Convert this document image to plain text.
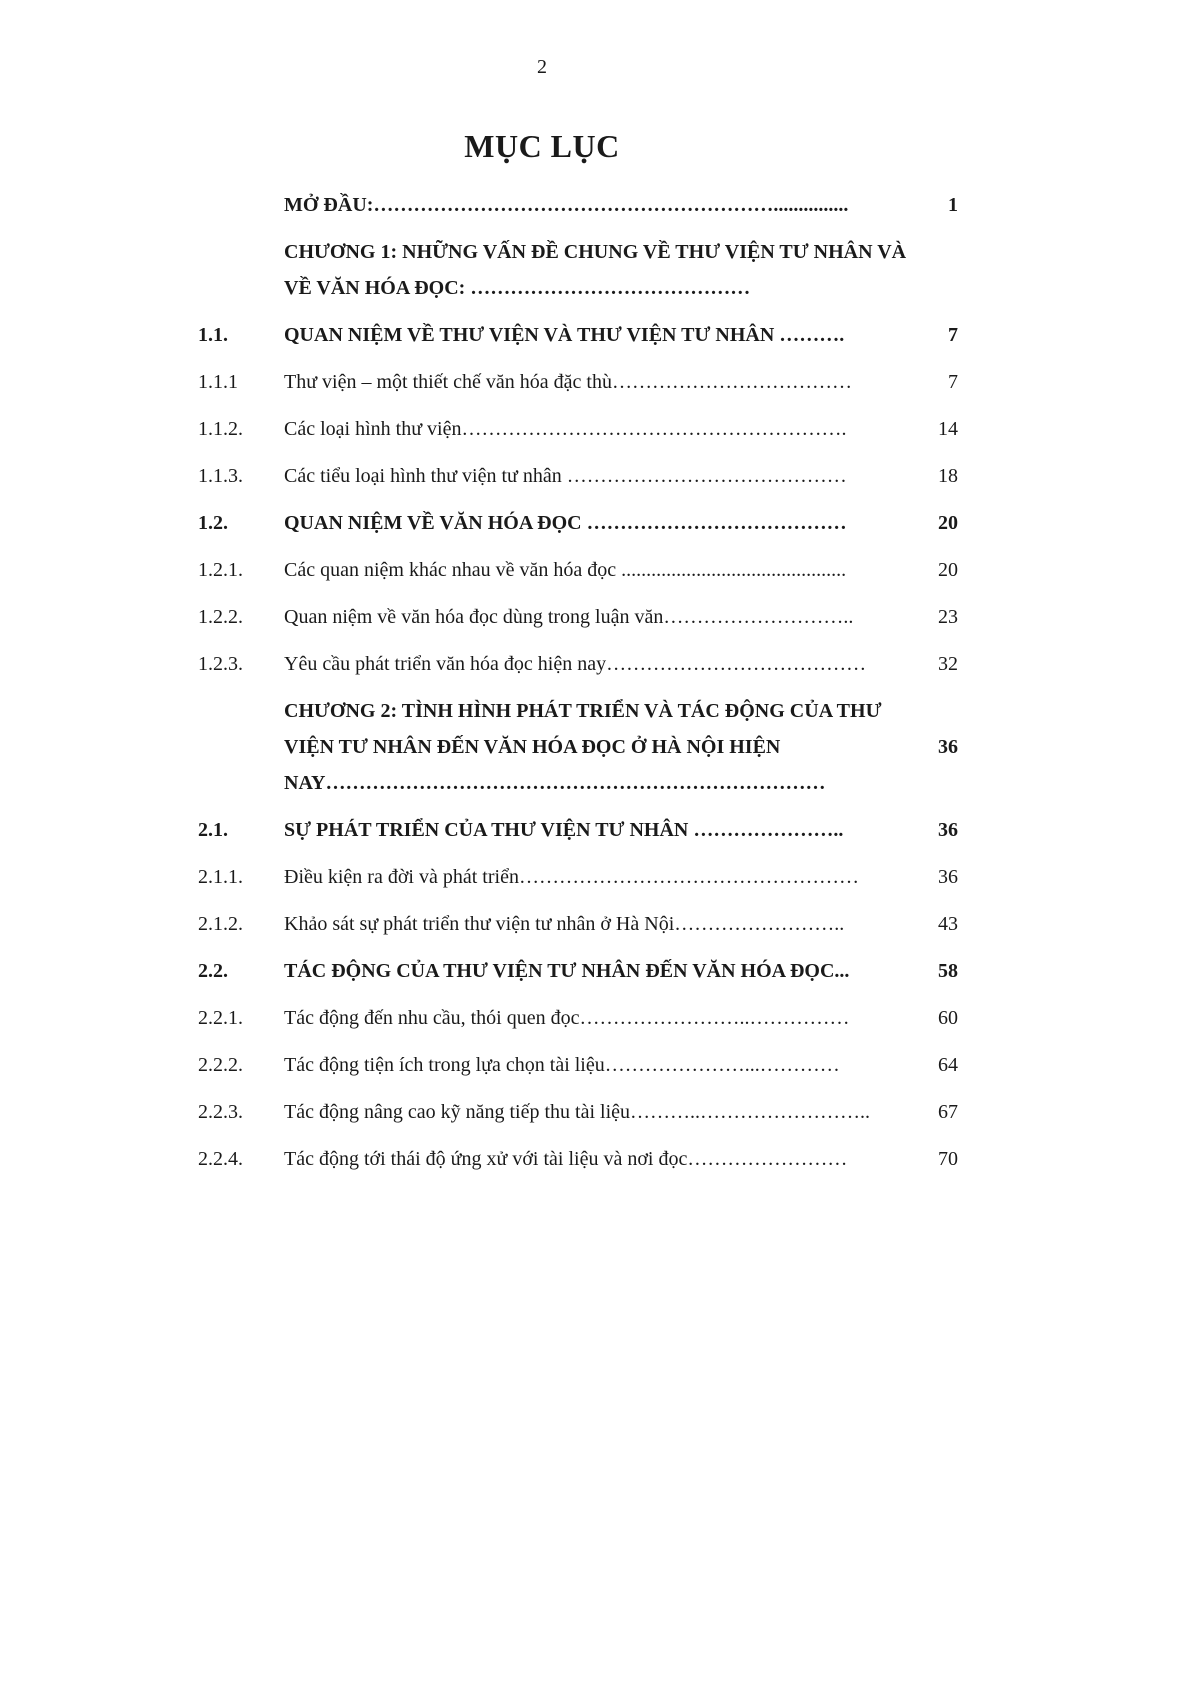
2
MỤC LỤC
MỞ ĐẦU:……………………………………………………...............	1
CHƯƠNG 1: NHỮNG VẤN ĐỀ CHUNG VỀ THƯ VIỆN TƯ NHÂN VÀ VỀ VĂN HÓA ĐỌC: ……………………………………
1.1.	QUAN NIỆM VỀ THƯ VIỆN VÀ THƯ VIỆN TƯ NHÂN ……….	7
1.1.1	Thư viện – một thiết chế văn hóa đặc thù………………………………	7
1.1.2.	Các loại hình thư viện………………………………………………….	14
1.1.3.	Các tiểu loại hình thư viện tư nhân ……………………………………	18
1.2.	QUAN NIỆM VỀ VĂN HÓA ĐỌC …………………………………	20
1.2.1.	Các quan niệm khác nhau về văn hóa đọc .............................................	20
1.2.2.	Quan niệm về văn hóa đọc dùng trong luận văn………………………..	23
1.2.3.	Yêu cầu phát triển văn hóa đọc hiện nay…………………………………	32
CHƯƠNG 2: TÌNH HÌNH PHÁT TRIỂN VÀ TÁC ĐỘNG CỦA THƯ VIỆN TƯ NHÂN ĐẾN VĂN HÓA ĐỌC Ở HÀ NỘI HIỆN NAY…………………………………………………………………
36
2.1.	SỰ PHÁT TRIỂN CỦA THƯ VIỆN TƯ NHÂN …………………..	36
2.1.1.	Điều kiện ra đời và phát triển……………………………………………	36
2.1.2.	Khảo sát sự phát triển thư viện tư nhân ở Hà Nội……………………..	43
2.2.	TÁC ĐỘNG CỦA THƯ VIỆN TƯ NHÂN ĐẾN VĂN HÓA ĐỌC...	58
2.2.1.	Tác động đến nhu cầu, thói quen đọc……………………..……………	60
2.2.2.	Tác động tiện ích trong lựa chọn tài liệu…………………...…………	64
2.2.3.	Tác động nâng cao kỹ năng tiếp thu tài liệu………..……………………..	67
2.2.4.	Tác động tới thái độ ứng xử với tài liệu và nơi đọc……………………	70
